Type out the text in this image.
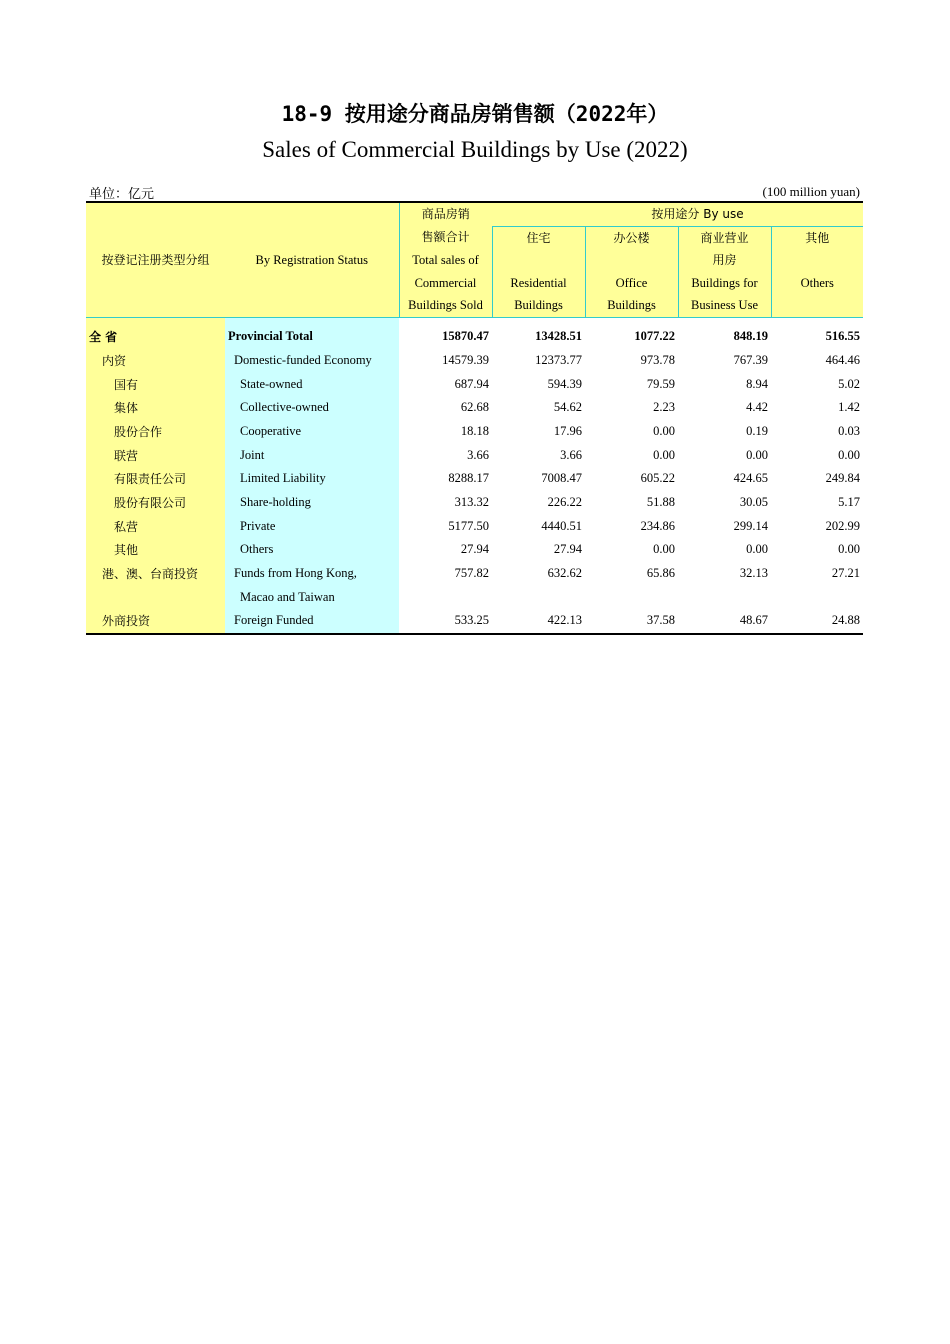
18-9 按用途分商品房销售额（2022年）
Sales of Commercial Buildings by Use (2022)
单位：亿元	(100 million yuan)
按登记注册类型分组	By Registration Status	商品房销	按用途分 By use			
		售额合计	住宅	办公楼	商业营业	其他
		Total sales of			用房	
		Commercial	Residential	Office	Buildings for	Others
		Buildings Sold	Buildings	Buildings	Business Use	
全 省	Provincial Total	15870.47	13428.51	1077.22	848.19	516.55
内资	Domestic-funded Economy	14579.39	12373.77	973.78	767.39	464.46
国有	State-owned	687.94	594.39	79.59	8.94	5.02
集体	Collective-owned	62.68	54.62	2.23	4.42	1.42
股份合作	Cooperative	18.18	17.96	0.00	0.19	0.03
联营	Joint	3.66	3.66	0.00	0.00	0.00
有限责任公司	Limited Liability	8288.17	7008.47	605.22	424.65	249.84
股份有限公司	Share-holding	313.32	226.22	51.88	30.05	5.17
私营	Private	5177.50	4440.51	234.86	299.14	202.99
其他	Others	27.94	27.94	0.00	0.00	0.00
港、澳、台商投资	Funds from Hong Kong,	757.82	632.62	65.86	32.13	27.21
	Macao and Taiwan					
外商投资	Foreign Funded	533.25	422.13	37.58	48.67	24.88
